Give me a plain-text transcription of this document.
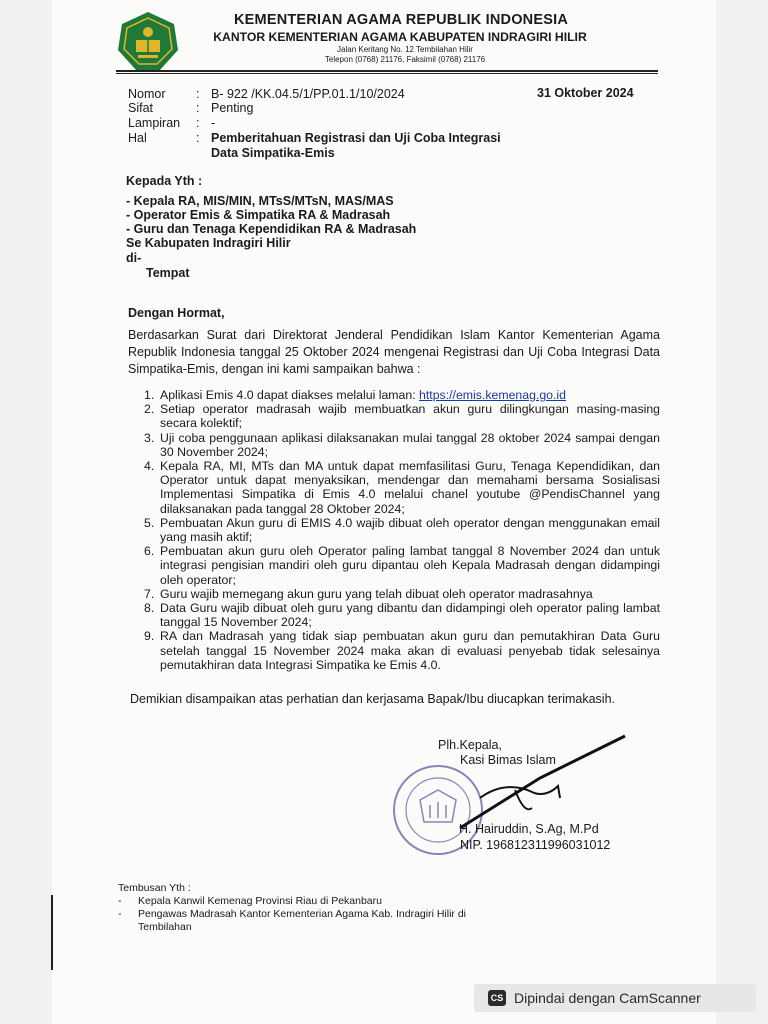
KEMENTERIAN AGAMA REPUBLIK INDONESIA
KANTOR KEMENTERIAN AGAMA KABUPATEN INDRAGIRI HILIR
Jalan Keritang No. 12 Tembilahan Hilir
Telepon (0768) 21176, Faksimil (0768) 21176
Nomor	: B- 922 /KK.04.5/1/PP.01.1/10/2024
Sifat	: Penting
Lampiran	: -
Hal	: Pemberitahuan Registrasi dan Uji Coba Integrasi
Data Simpatika-Emis
31 Oktober 2024
Kepada Yth :
- Kepala RA, MIS/MIN, MTsS/MTsN, MAS/MAS
- Operator Emis & Simpatika RA & Madrasah
- Guru dan Tenaga Kependidikan RA & Madrasah
Se Kabupaten Indragiri Hilir
di-
Tempat
Dengan Hormat,
Berdasarkan Surat dari Direktorat Jenderal Pendidikan Islam Kantor Kementerian Agama Republik Indonesia tanggal 25 Oktober 2024 mengenai Registrasi dan Uji Coba Integrasi Data Simpatika-Emis, dengan ini kami sampaikan bahwa :
1. Aplikasi Emis 4.0 dapat diakses melalui laman: https://emis.kemenag.go.id
2. Setiap operator madrasah wajib membuatkan akun guru dilingkungan masing-masing secara kolektif;
3. Uji coba penggunaan aplikasi dilaksanakan mulai tanggal 28 oktober 2024 sampai dengan 30 November 2024;
4. Kepala RA, MI, MTs dan MA untuk dapat memfasilitasi Guru, Tenaga Kependidikan, dan Operator untuk dapat menyaksikan, mendengar dan memahami bersama Sosialisasi Implementasi Simpatika di Emis 4.0 melalui chanel youtube @PendisChannel yang dilaksanakan pada tanggal 28 Oktober 2024;
5. Pembuatan Akun guru di EMIS 4.0 wajib dibuat oleh operator dengan menggunakan email yang masih aktif;
6. Pembuatan akun guru oleh Operator paling lambat tanggal 8 November 2024 dan untuk integrasi pengisian mandiri oleh guru dipantau oleh Kepala Madrasah dengan didampingi oleh operator;
7. Guru wajib memegang akun guru yang telah dibuat oleh operator madrasahnya
8. Data Guru wajib dibuat oleh guru yang dibantu dan didampingi oleh operator paling lambat tanggal 15 November 2024;
9. RA dan Madrasah yang tidak siap pembuatan akun guru dan pemutakhiran Data Guru setelah tanggal 15 November 2024 maka akan di evaluasi penyebab tidak selesainya pemutakhiran data Integrasi Simpatika ke Emis 4.0.
Demikian disampaikan atas perhatian dan kerjasama Bapak/Ibu diucapkan terimakasih.
Plh.Kepala,
Kasi Bimas Islam
H. Hairuddin, S.Ag, M.Pd
NIP. 196812311996031012
Tembusan Yth :
- Kepala Kanwil Kemenag Provinsi Riau di Pekanbaru
- Pengawas Madrasah Kantor Kementerian Agama Kab. Indragiri Hilir di
Tembilahan
CS Dipindai dengan CamScanner
